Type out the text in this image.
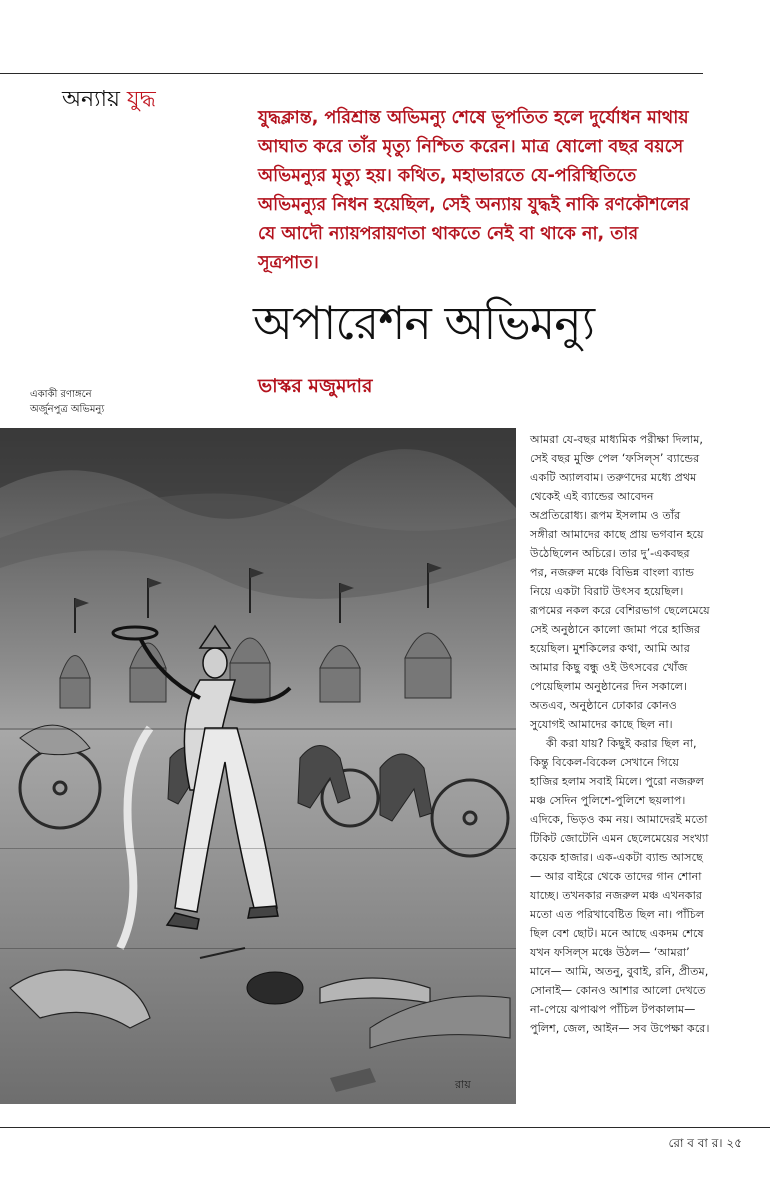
অন্যায় যুদ্ধ

যুদ্ধক্লান্ত, পরিশ্রান্ত অভিমন্যু শেষে ভূপতিত হলে দুর্যোধন মাথায় আঘাত করে তাঁর মৃত্যু নিশ্চিত করেন। মাত্র ষোলো বছর বয়সে অভিমন্যুর মৃত্যু হয়। কথিত, মহাভারতে যে-পরিস্থিতিতে অভিমন্যুর নিধন হয়েছিল, সেই অন্যায় যুদ্ধই নাকি রণকৌশলের যে আদৌ ন্যায়পরায়ণতা থাকতে নেই বা থাকে না, তার সূত্রপাত।

অপারেশন অভিমন্যু
ভাস্কর মজুমদার

একাকী রণাঙ্গনে

অর্জুনপুত্র অভিমন্যু

রায়

আমরা যে-বছর মাধ্যমিক পরীক্ষা দিলাম, সেই বছর মুক্তি পেল ‘ফসিল্‌স’ ব্যান্ডের একটি অ্যালবাম। তরুণদের মধ্যে প্রথম থেকেই এই ব্যান্ডের আবেদন অপ্রতিরোধ্য। রূপম ইসলাম ও তাঁর সঙ্গীরা আমাদের কাছে প্রায় ভগবান হয়ে উঠেছিলেন অচিরে। তার দু’-একবছর পর, নজরুল মঞ্চে বিভিন্ন বাংলা ব্যান্ড নিয়ে একটা বিরাট উৎসব হয়েছিল। রূপমের নকল করে বেশিরভাগ ছেলেমেয়ে সেই অনুষ্ঠানে কালো জামা পরে হাজির হয়েছিল। মুশকিলের কথা, আমি আর আমার কিছু বন্ধু ওই উৎসবের খোঁজ পেয়েছিলাম অনুষ্ঠানের দিন সকালে। অতএব, অনুষ্ঠানে ঢোকার কোনও সুযোগই আমাদের কাছে ছিল না।

কী করা যায়? কিছুই করার ছিল না, কিন্তু বিকেল-বিকেল সেখানে গিয়ে হাজির হলাম সবাই মিলে। পুরো নজরুল মঞ্চ সেদিন পুলিশে-পুলিশে ছয়লাপ। এদিকে, ভিড়ও কম নয়। আমাদেরই মতো টিকিট জোটেনি এমন ছেলেমেয়ের সংখ্যা কয়েক হাজার। এক-একটা ব্যান্ড আসছে— আর বাইরে থেকে তাদের গান শোনা যাচ্ছে। তখনকার নজরুল মঞ্চ এখনকার মতো এত পরিখাবেষ্টিত ছিল না। পাঁচিল ছিল বেশ ছোট। মনে আছে একদম শেষে যখন ফসিল্‌স মঞ্চে উঠল— ‘আমরা’ মানে— আমি, অতনু, বুবাই, রনি, প্রীতম, সোনাই— কোনও আশার আলো দেখতে না-পেয়ে ঝপাঝপ পাঁচিল টপকালাম— পুলিশ, জেল, আইন— সব উপেক্ষা করে।

রো ব বা র। ২৫
